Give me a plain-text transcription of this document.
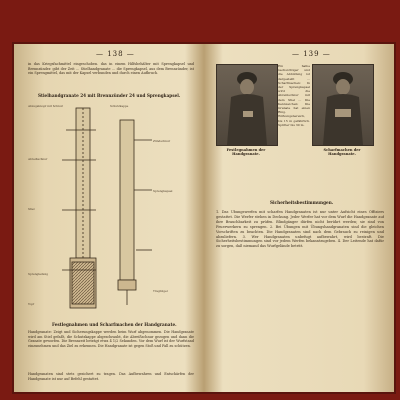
— 138 —
in das Kriegsfachmittel eingeschoben. das in einem Hilfsbehälter mit Sprengkapsel und Brennzünder. gibt der Zeit … Stielhandgranate … die Sprengkapsel, aus dem Brennzünder, ist ein Sprengmittel, das mit der Kapsel verbunden und durch einen Aufbruch.
Stielhandgranate 24 mit Brennzünder 24 und Sprengkapsel.
Abzugsknopf mit Schnur	Schutzkappe
Abreißschnur
Stiel
Zündschnur
Sprengkapsel
Sprengladung
Topf
Tragbügel
Festlegnahmen und Scharfmachen der Handgranate.
Handgranate: Zeigt und Sicherungskappe werden beim Wurf abgenommen. Die Handgranate wird am Stiel gefaßt, die Schutzkappe abgeschraubt, die Abreißschnur gezogen und dann die Granate geworfen. Die Brennzeit beträgt etwa 4 1/2 Sekunden. Vor dem Wurf ist der Wurfstand einzunehmen und das Ziel zu erkennen. Die Handgranate ist gegen Stoß und Fall zu schützen.
Handgranaten sind stets gesichert zu tragen. Das Aufbewahren und Entschärfen der Handgranate ist nur auf Befehl gestattet.
— 139 —
Ein halbe nachsichtiger und die Abbildung ist dargestellt … Scharfmachen: In der Sprengkapsel wird die Abreißschnur mit dem Stiel … Die Kennzeichen: Die Granate hat einen Ring. Wirkungsbereich, bis 15 m gefährlich. Splitter bis 30 m.
Festlegnahmen der Handgranate.
Scharfmachen der Handgranate.
Sicherheitsbestimmungen.
1. Das Übungswerfen mit scharfen Handgranaten ist nur unter Aufsicht eines Offiziers gestattet. Die Werfer stehen in Deckung. Jeder Werfer hat vor dem Wurf die Handgranate auf ihre Brauchbarkeit zu prüfen. Blindgänger dürfen nicht berührt werden; sie sind von Feuerwerkern zu sprengen. 2. Bei Übungen mit Übungshandgranaten sind die gleichen Vorschriften zu beachten. Die Handgranaten sind nach dem Gebrauch zu reinigen und abzuliefern. 3. Wer Handgranaten unbefugt aufbewahrt, wird bestraft. Die Sicherheitsbestimmungen sind vor jedem Werfen bekanntzugeben. 4. Der Leitende hat dafür zu sorgen, daß niemand das Wurfgelände betritt.
